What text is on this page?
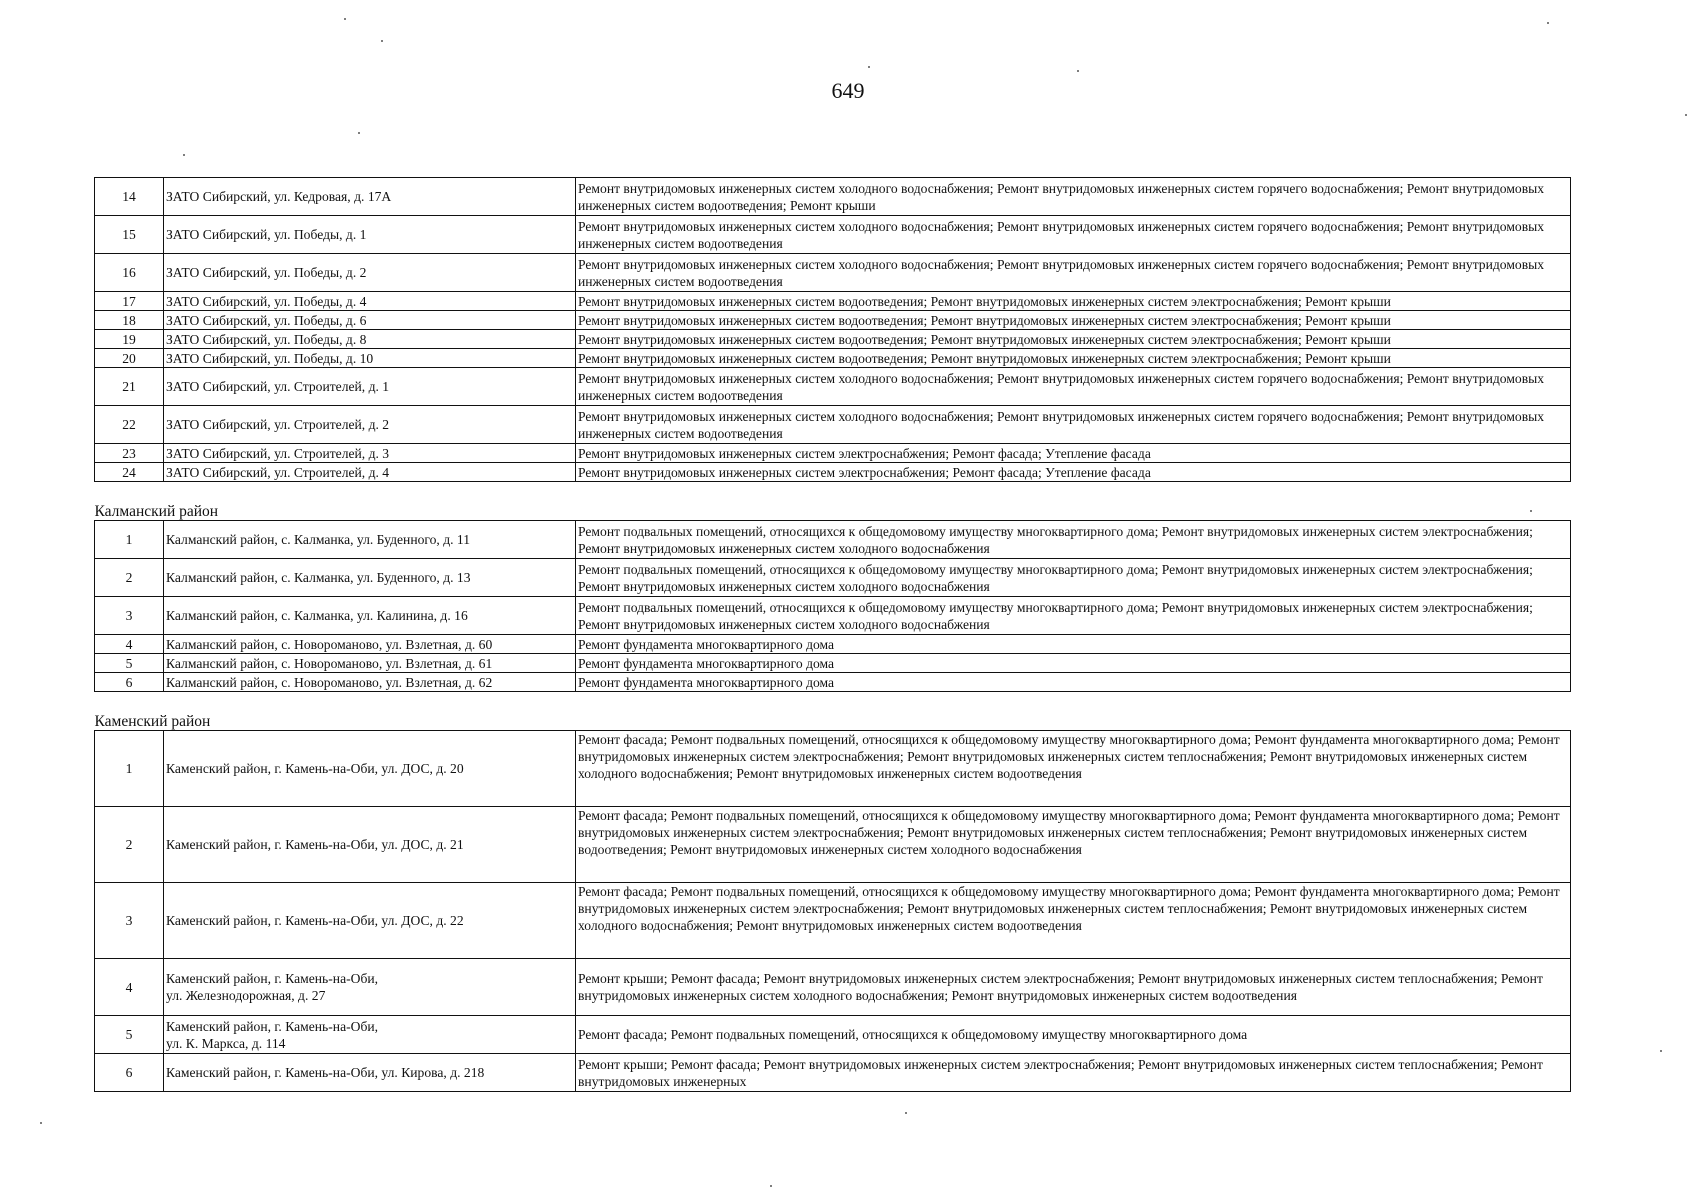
649
14	ЗАТО Сибирский, ул. Кедровая, д. 17А	Ремонт внутридомовых инженерных систем холодного водоснабжения; Ремонт внутридомовых инженерных систем горячего водоснабжения; Ремонт внутридомовых инженерных систем водоотведения; Ремонт крыши
15	ЗАТО Сибирский, ул. Победы, д. 1	Ремонт внутридомовых инженерных систем холодного водоснабжения; Ремонт внутридомовых инженерных систем горячего водоснабжения; Ремонт внутридомовых инженерных систем водоотведения
16	ЗАТО Сибирский, ул. Победы, д. 2	Ремонт внутридомовых инженерных систем холодного водоснабжения; Ремонт внутридомовых инженерных систем горячего водоснабжения; Ремонт внутридомовых инженерных систем водоотведения
17	ЗАТО Сибирский, ул. Победы, д. 4	Ремонт внутридомовых инженерных систем водоотведения; Ремонт внутридомовых инженерных систем электроснабжения; Ремонт крыши
18	ЗАТО Сибирский, ул. Победы, д. 6	Ремонт внутридомовых инженерных систем водоотведения; Ремонт внутридомовых инженерных систем электроснабжения; Ремонт крыши
19	ЗАТО Сибирский, ул. Победы, д. 8	Ремонт внутридомовых инженерных систем водоотведения; Ремонт внутридомовых инженерных систем электроснабжения; Ремонт крыши
20	ЗАТО Сибирский, ул. Победы, д. 10	Ремонт внутридомовых инженерных систем водоотведения; Ремонт внутридомовых инженерных систем электроснабжения; Ремонт крыши
21	ЗАТО Сибирский, ул. Строителей, д. 1	Ремонт внутридомовых инженерных систем холодного водоснабжения; Ремонт внутридомовых инженерных систем горячего водоснабжения; Ремонт внутридомовых инженерных систем водоотведения
22	ЗАТО Сибирский, ул. Строителей, д. 2	Ремонт внутридомовых инженерных систем холодного водоснабжения; Ремонт внутридомовых инженерных систем горячего водоснабжения; Ремонт внутридомовых инженерных систем водоотведения
23	ЗАТО Сибирский, ул. Строителей, д. 3	Ремонт внутридомовых инженерных систем электроснабжения; Ремонт фасада; Утепление фасада
24	ЗАТО Сибирский, ул. Строителей, д. 4	Ремонт внутридомовых инженерных систем электроснабжения; Ремонт фасада; Утепление фасада

Калманский район		
1	Калманский район, с. Калманка, ул. Буденного, д. 11	Ремонт подвальных помещений, относящихся к общедомовому имуществу многоквартирного дома; Ремонт внутридомовых инженерных систем электроснабжения; Ремонт внутридомовых инженерных систем холодного водоснабжения
2	Калманский район, с. Калманка, ул. Буденного, д. 13	Ремонт подвальных помещений, относящихся к общедомовому имуществу многоквартирного дома; Ремонт внутридомовых инженерных систем электроснабжения; Ремонт внутридомовых инженерных систем холодного водоснабжения
3	Калманский район, с. Калманка, ул. Калинина, д. 16	Ремонт подвальных помещений, относящихся к общедомовому имуществу многоквартирного дома; Ремонт внутридомовых инженерных систем электроснабжения; Ремонт внутридомовых инженерных систем холодного водоснабжения
4	Калманский район, с. Новороманово, ул. Взлетная, д. 60	Ремонт фундамента многоквартирного дома
5	Калманский район, с. Новороманово, ул. Взлетная, д. 61	Ремонт фундамента многоквартирного дома
6	Калманский район, с. Новороманово, ул. Взлетная, д. 62	Ремонт фундамента многоквартирного дома

Каменский район		
1	Каменский район, г. Камень-на-Оби, ул. ДОС, д. 20	Ремонт фасада; Ремонт подвальных помещений, относящихся к общедомовому имуществу многоквартирного дома; Ремонт фундамента многоквартирного дома; Ремонт внутридомовых инженерных систем электроснабжения; Ремонт внутридомовых инженерных систем теплоснабжения; Ремонт внутридомовых инженерных систем холодного водоснабжения; Ремонт внутридомовых инженерных систем водоотведения
2	Каменский район, г. Камень-на-Оби, ул. ДОС, д. 21	Ремонт фасада; Ремонт подвальных помещений, относящихся к общедомовому имуществу многоквартирного дома; Ремонт фундамента многоквартирного дома; Ремонт внутридомовых инженерных систем электроснабжения; Ремонт внутридомовых инженерных систем теплоснабжения; Ремонт внутридомовых инженерных систем водоотведения; Ремонт внутридомовых инженерных систем холодного водоснабжения
3	Каменский район, г. Камень-на-Оби, ул. ДОС, д. 22	Ремонт фасада; Ремонт подвальных помещений, относящихся к общедомовому имуществу многоквартирного дома; Ремонт фундамента многоквартирного дома; Ремонт внутридомовых инженерных систем электроснабжения; Ремонт внутридомовых инженерных систем теплоснабжения; Ремонт внутридомовых инженерных систем холодного водоснабжения; Ремонт внутридомовых инженерных систем водоотведения
4	Каменский район, г. Камень-на-Оби,
ул. Железнодорожная, д. 27	Ремонт крыши; Ремонт фасада; Ремонт внутридомовых инженерных систем электроснабжения; Ремонт внутридомовых инженерных систем теплоснабжения; Ремонт внутридомовых инженерных систем холодного водоснабжения; Ремонт внутридомовых инженерных систем водоотведения
5	Каменский район, г. Камень-на-Оби,
ул. К. Маркса, д. 114	Ремонт фасада; Ремонт подвальных помещений, относящихся к общедомовому имуществу многоквартирного дома
6	Каменский район, г. Камень-на-Оби, ул. Кирова, д. 218	Ремонт крыши; Ремонт фасада; Ремонт внутридомовых инженерных систем электроснабжения; Ремонт внутридомовых инженерных систем теплоснабжения; Ремонт внутридомовых инженерных
